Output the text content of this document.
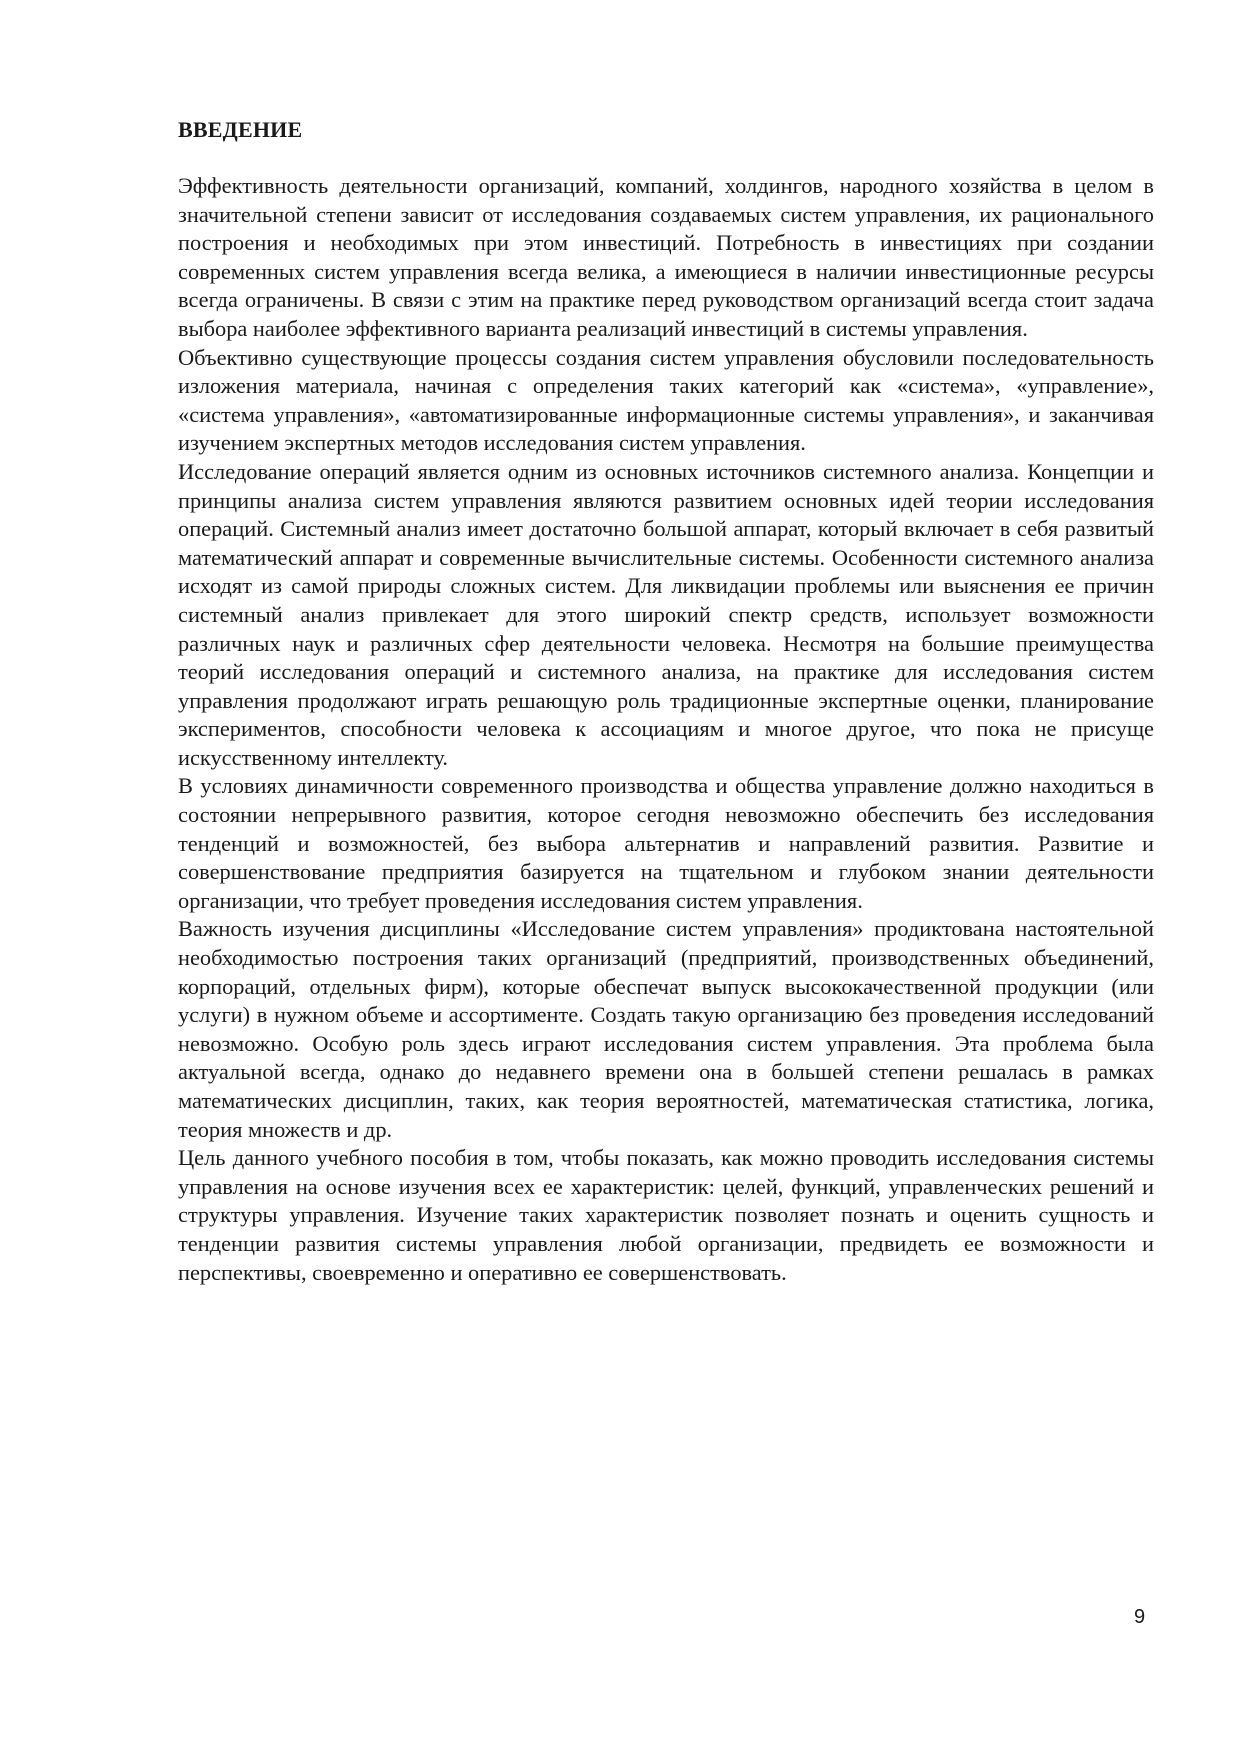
ВВЕДЕНИЕ

Эффективность деятельности организаций, компаний, холдингов, народного хозяйства в целом в значительной степени зависит от исследования создаваемых систем управления, их рационального построения и необходимых при этом инвестиций. Потребность в инвестициях при создании современных систем управления всегда велика, а имеющиеся в наличии инвестиционные ресурсы всегда ограничены. В связи с этим на практике перед руководством организаций всегда стоит задача выбора наиболее эффективного варианта реализаций инвестиций в системы управления.

Объективно существующие процессы создания систем управления обусловили последовательность изложения материала, начиная с определения таких категорий как «система», «управление», «система управления», «автоматизированные информационные системы управления», и заканчивая изучением экспертных методов исследования систем управления.

Исследование операций является одним из основных источников системного анализа. Концепции и принципы анализа систем управления являются развитием основных идей теории исследования операций. Системный анализ имеет достаточно большой аппарат, который включает в себя развитый математический аппарат и современные вычислительные системы. Особенности системного анализа исходят из самой природы сложных систем. Для ликвидации проблемы или выяснения ее причин системный анализ привлекает для этого широкий спектр средств, использует возможности различных наук и различных сфер деятельности человека. Несмотря на большие преимущества теорий исследования операций и системного анализа, на практике для исследования систем управления продолжают играть решающую роль традиционные экспертные оценки, планирование экспериментов, способности человека к ассоциациям и многое другое, что пока не присуще искусственному интеллекту.

В условиях динамичности современного производства и общества управление должно находиться в состоянии непрерывного развития, которое сегодня невозможно обеспечить без исследования тенденций и возможностей, без выбора альтернатив и направлений развития. Развитие и совершенствование предприятия базируется на тщательном и глубоком знании деятельности организации, что требует проведения исследования систем управления.

Важность изучения дисциплины «Исследование систем управления» продиктована настоятельной необходимостью построения таких организаций (предприятий, производственных объединений, корпораций, отдельных фирм), которые обеспечат выпуск высококачественной продукции (или услуги) в нужном объеме и ассортименте. Создать такую организацию без проведения исследований невозможно. Особую роль здесь играют исследования систем управления. Эта проблема была актуальной всегда, однако до недавнего времени она в большей степени решалась в рамках математических дисциплин, таких, как теория вероятностей, математическая статистика, логика, теория множеств и др.

Цель данного учебного пособия в том, чтобы показать, как можно проводить исследования системы управления на основе изучения всех ее характеристик: целей, функций, управленческих решений и структуры управления. Изучение таких характеристик позволяет познать и оценить сущность и тенденции развития системы управления любой организации, предвидеть ее возможности и перспективы, своевременно и оперативно ее совершенствовать.

9
